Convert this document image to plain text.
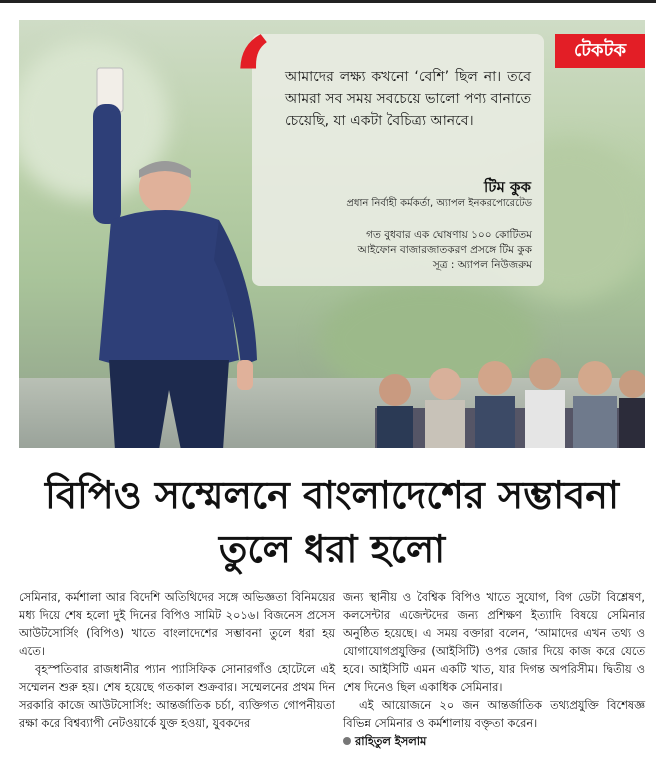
টেকটক
‘ আমাদের লক্ষ্য কখনো ‘বেশি’ ছিল না। তবে আমরা সব সময় সবচেয়ে ভালো পণ্য বানাতে চেয়েছি, যা একটা বৈচিত্র্য আনবে।
টিম কুক
প্রধান নির্বাহী কর্মকর্তা, অ্যাপল ইনকরপোরেটেড
গত বুধবার এক ঘোষণায় ১০০ কোটিতম
আইফোন বাজারজাতকরণ প্রসঙ্গে টিম কুক
সূত্র : অ্যাপল নিউজরুম
বিপিও সম্মেলনে বাংলাদেশের সম্ভাবনা
তুলে ধরা হলো

সেমিনার, কর্মশালা আর বিদেশি অতিথিদের সঙ্গে অভিজ্ঞতা বিনিময়ের মধ্য দিয়ে শেষ হলো দুই দিনের বিপিও সামিট ২০১৬। বিজনেস প্রসেস আউটসোর্সিং (বিপিও) খাতে বাংলাদেশের সম্ভাবনা তুলে ধরা হয় এতে।

বৃহস্পতিবার রাজধানীর প্যান প্যাসিফিক সোনারগাঁও হোটেলে এই সম্মেলন শুরু হয়। শেষ হয়েছে গতকাল শুক্রবার। সম্মেলনের প্রথম দিন সরকারি কাজে আউটসোর্সিং: আন্তর্জাতিক চর্চা, ব্যক্তিগত গোপনীয়তা রক্ষা করে বিশ্বব্যাপী নেটওয়ার্কে যুক্ত হওয়া, যুবকদের

জন্য স্থানীয় ও বৈশ্বিক বিপিও খাতে সুযোগ, বিগ ডেটা বিশ্লেষণ, কলসেন্টার এজেন্টদের জন্য প্রশিক্ষণ ইত্যাদি বিষয়ে সেমিনার অনুষ্ঠিত হয়েছে। এ সময় বক্তারা বলেন, ‘আমাদের এখন তথ্য ও যোগাযোগপ্রযুক্তির (আইসিটি) ওপর জোর দিয়ে কাজ করে যেতে হবে। আইসিটি এমন একটি খাত, যার দিগন্ত অপরিসীম। দ্বিতীয় ও শেষ দিনেও ছিল একাধিক সেমিনার।

এই আয়োজনে ২০ জন আন্তর্জাতিক তথ্যপ্রযুক্তি বিশেষজ্ঞ বিভিন্ন সেমিনার ও কর্মশালায় বক্তৃতা করেন।

রাহিতুল ইসলাম
